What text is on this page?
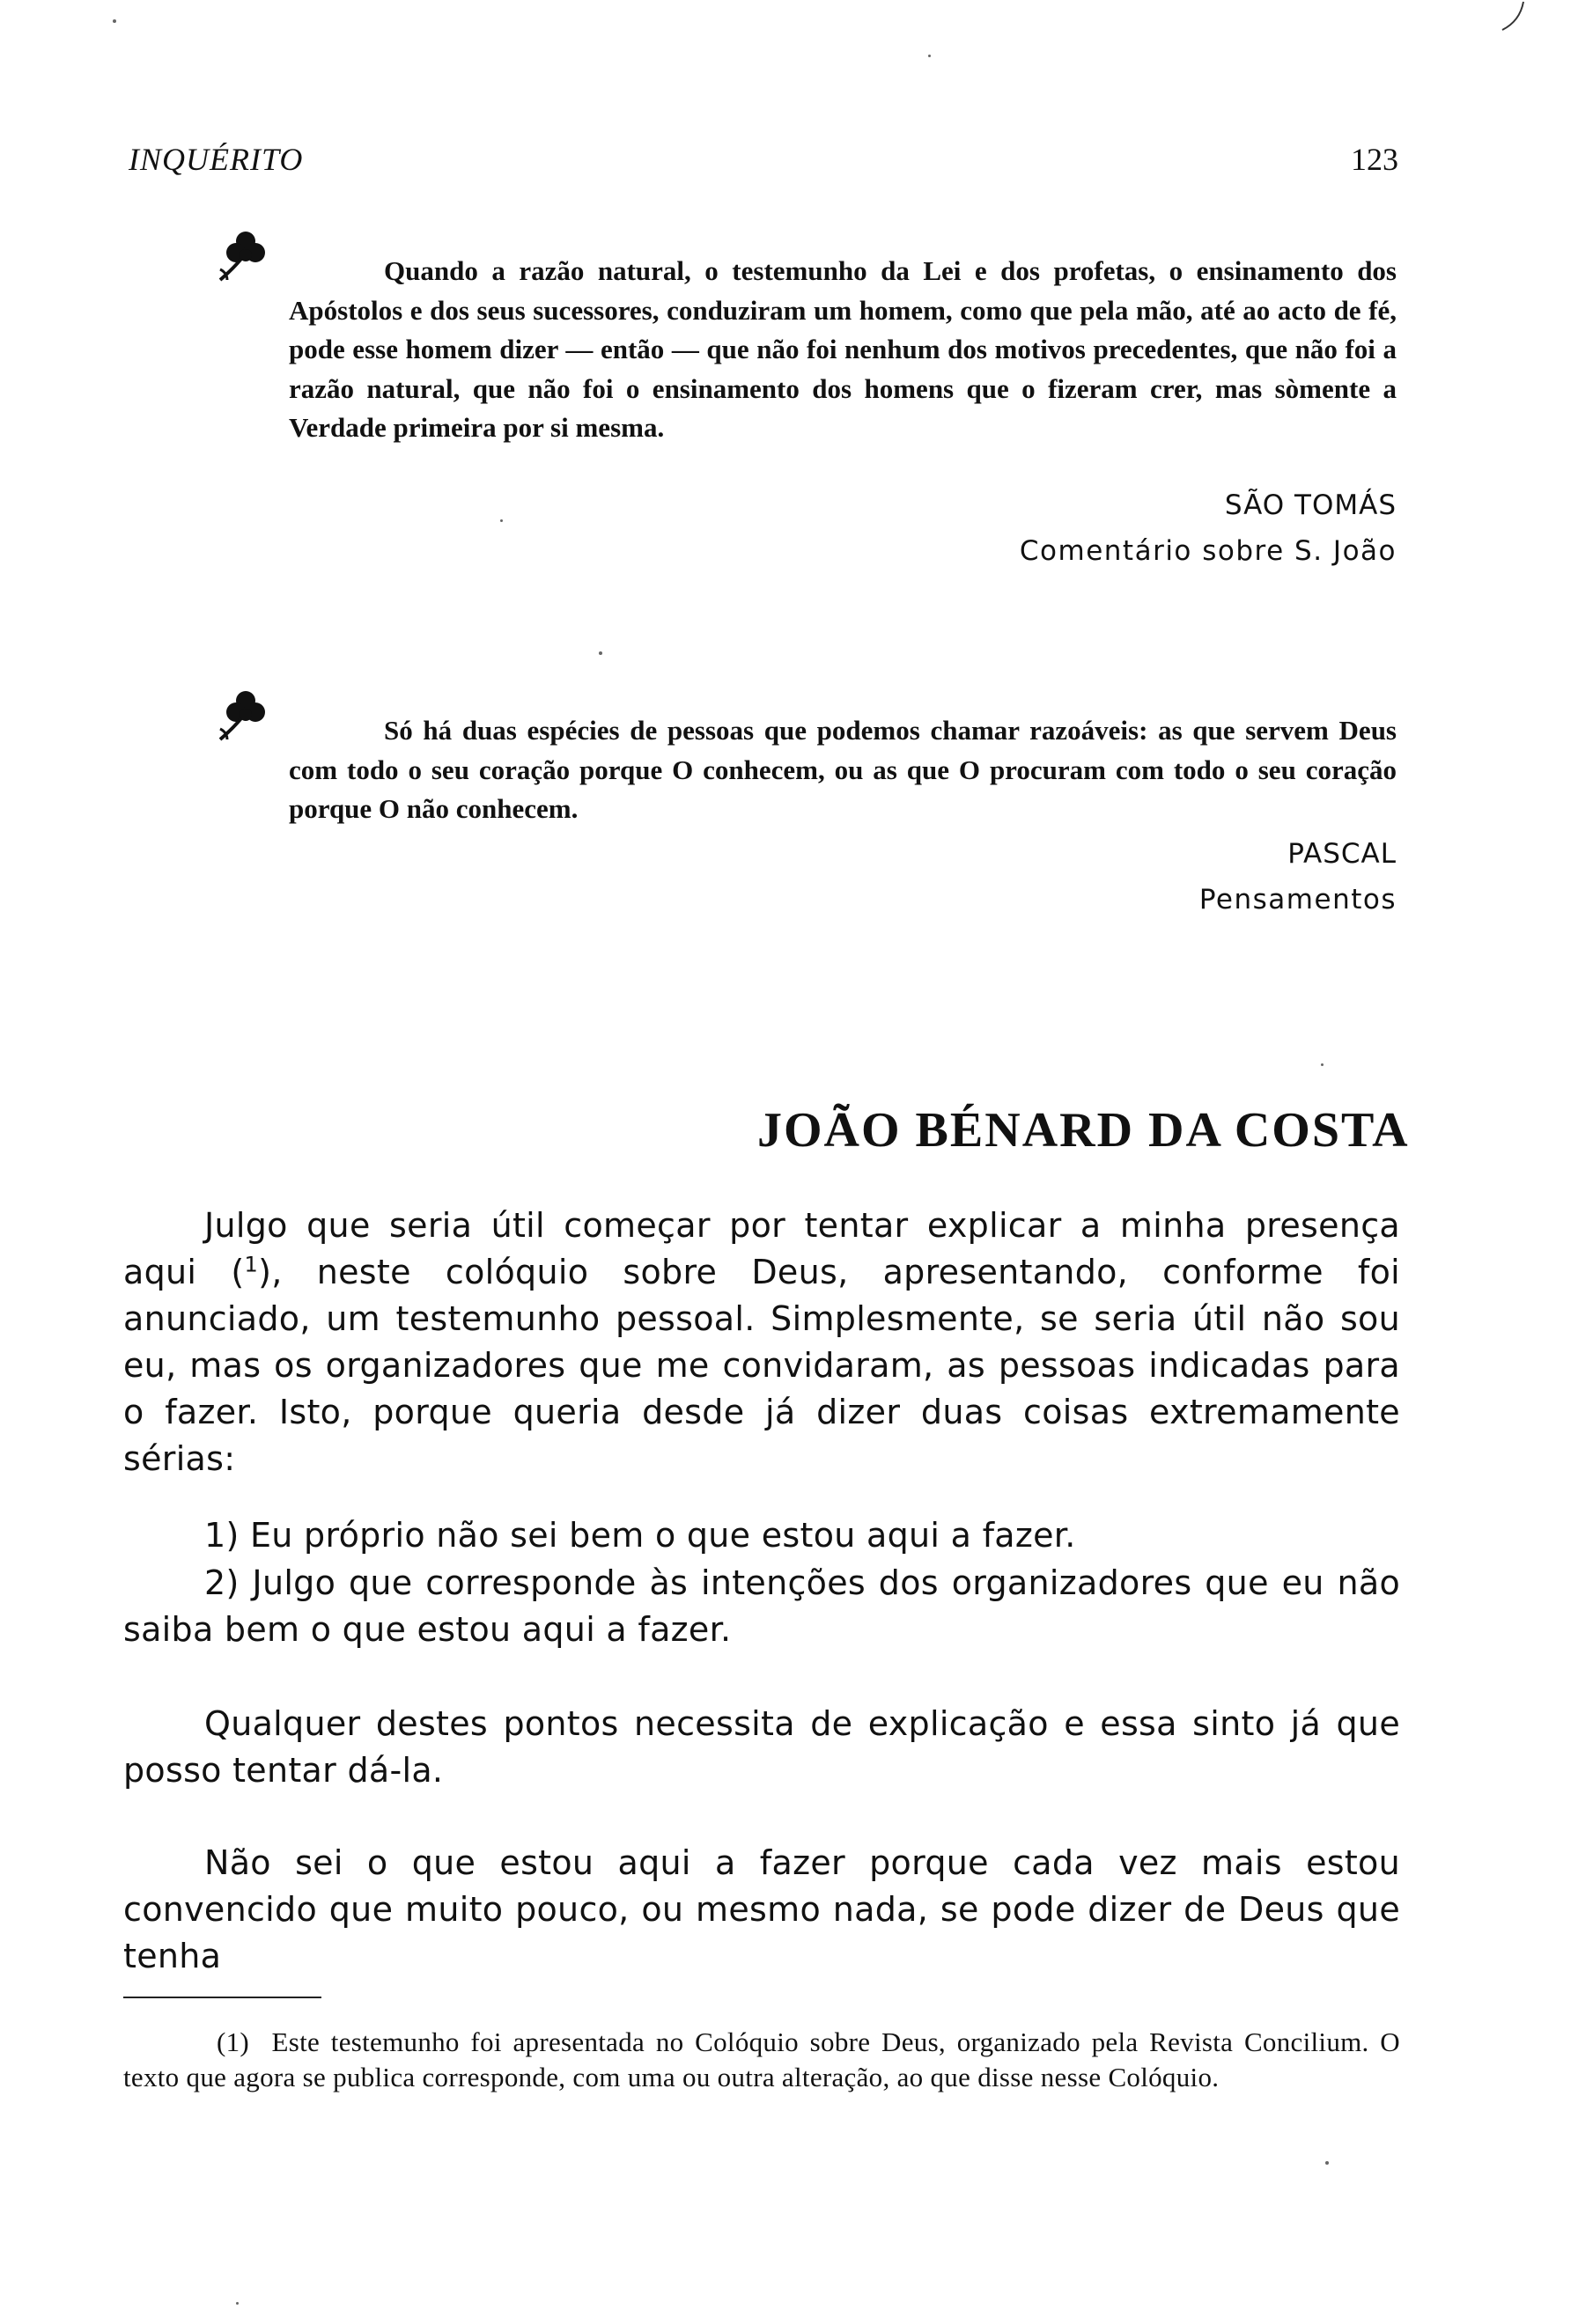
INQUÉRITO	123

Quando a razão natural, o testemunho da Lei e dos profetas, o ensinamento dos Apóstolos e dos seus sucessores, conduziram um homem, como que pela mão, até ao acto de fé, pode esse homem dizer — então — que não foi nenhum dos motivos precedentes, que não foi a razão natural, que não foi o ensinamento dos homens que o fizeram crer, mas sòmente a Verdade primeira por si mesma.

SÃO TOMÁS
Comentário sobre S. João

Só há duas espécies de pessoas que podemos chamar razoáveis: as que servem Deus com todo o seu coração porque O conhecem, ou as que O procuram com todo o seu coração porque O não conhecem.

PASCAL
Pensamentos
JOÃO BÉNARD DA COSTA

Julgo que seria útil começar por tentar explicar a minha presença aqui ($^1$), neste colóquio sobre Deus, apresentando, conforme foi anunciado, um testemunho pessoal. Simplesmente, se seria útil não sou eu, mas os organizadores que me convidaram, as pessoas indicadas para o fazer. Isto, porque queria desde já dizer duas coisas extremamente sérias:

1) Eu próprio não sei bem o que estou aqui a fazer.

2) Julgo que corresponde às intenções dos organizadores que eu não saiba bem o que estou aqui a fazer.

Qualquer destes pontos necessita de explicação e essa sinto já que posso tentar dá-la.

Não sei o que estou aqui a fazer porque cada vez mais estou convencido que muito pouco, ou mesmo nada, se pode dizer de Deus que tenha

(1) Este testemunho foi apresentada no Colóquio sobre Deus, organizado pela Revista Concilium. O texto que agora se publica corresponde, com uma ou outra alteração, ao que disse nesse Colóquio.
